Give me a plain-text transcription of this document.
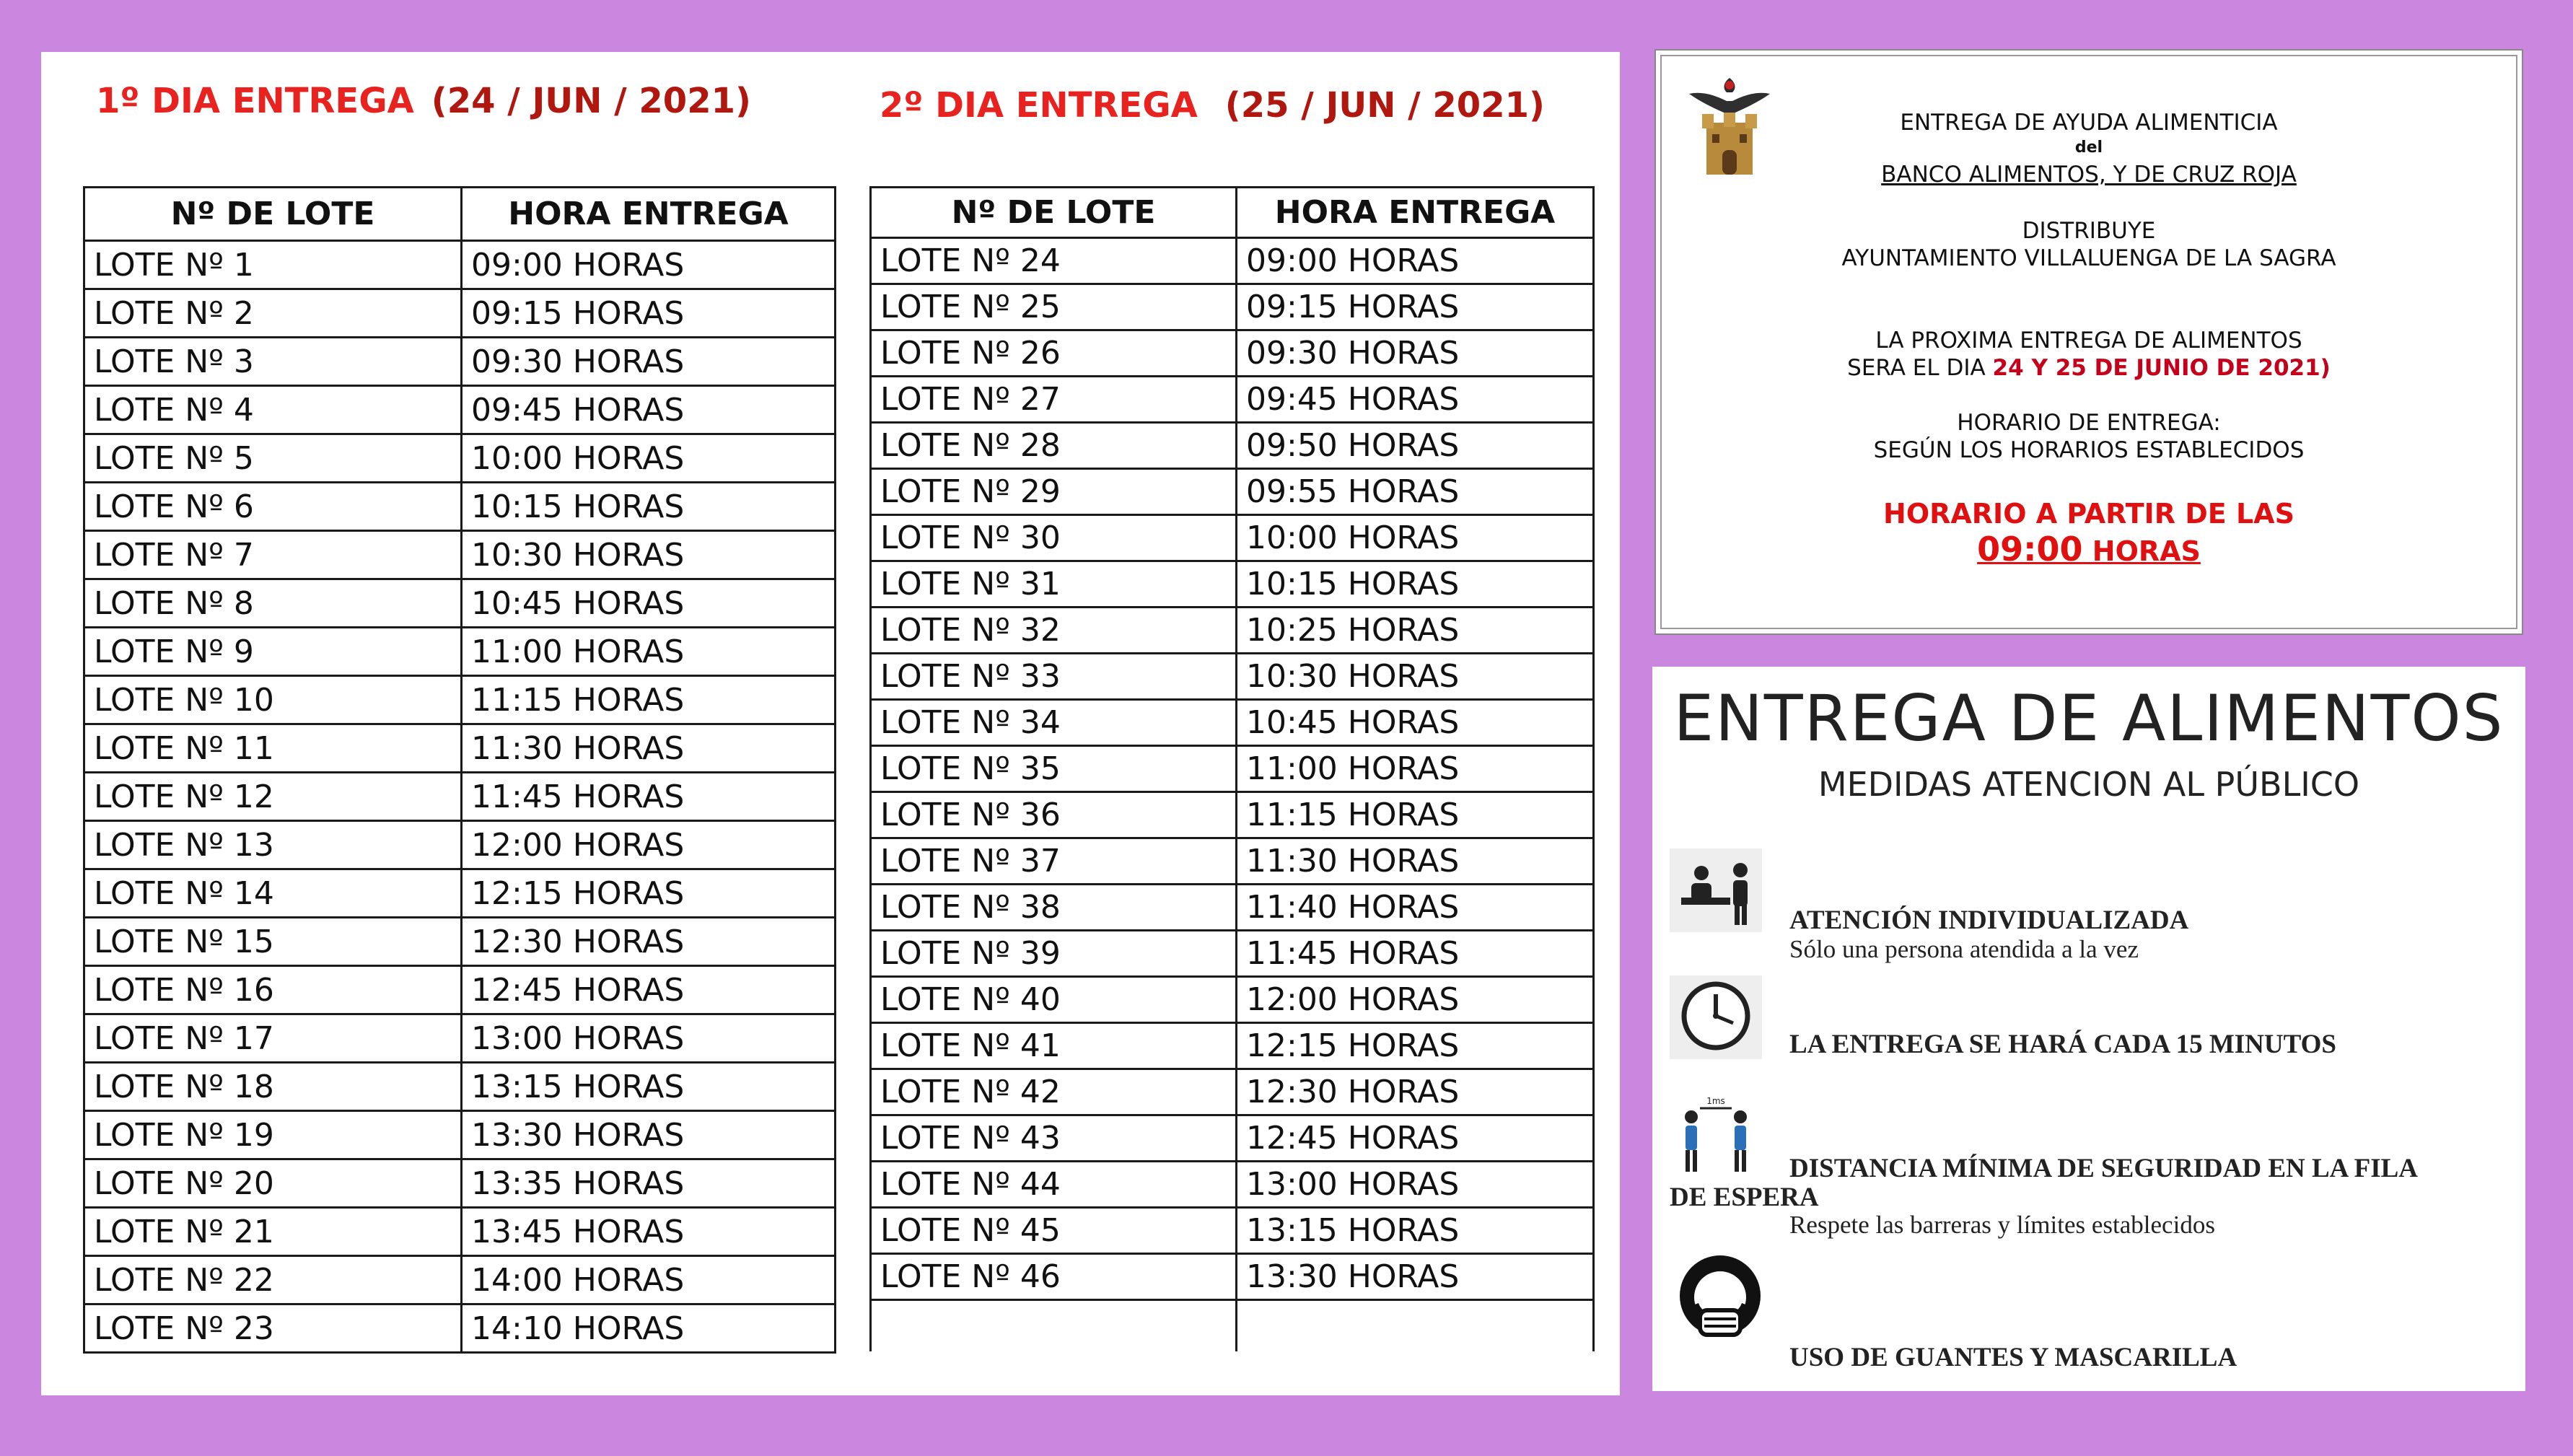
1º DIA ENTREGA (24 / JUN / 2021)	2º DIA ENTREGA (25 / JUN / 2021)
Nº DE LOTE	HORA ENTREGA
LOTE Nº 1	09:00 HORAS
LOTE Nº 2	09:15 HORAS
LOTE Nº 3	09:30 HORAS
LOTE Nº 4	09:45 HORAS
LOTE Nº 5	10:00 HORAS
LOTE Nº 6	10:15 HORAS
LOTE Nº 7	10:30 HORAS
LOTE Nº 8	10:45 HORAS
LOTE Nº 9	11:00 HORAS
LOTE Nº 10	11:15 HORAS
LOTE Nº 11	11:30 HORAS
LOTE Nº 12	11:45 HORAS
LOTE Nº 13	12:00 HORAS
LOTE Nº 14	12:15 HORAS
LOTE Nº 15	12:30 HORAS
LOTE Nº 16	12:45 HORAS
LOTE Nº 17	13:00 HORAS
LOTE Nº 18	13:15 HORAS
LOTE Nº 19	13:30 HORAS
LOTE Nº 20	13:35 HORAS
LOTE Nº 21	13:45 HORAS
LOTE Nº 22	14:00 HORAS
LOTE Nº 23	14:10 HORAS
Nº DE LOTE	HORA ENTREGA
LOTE Nº 24	09:00 HORAS
LOTE Nº 25	09:15 HORAS
LOTE Nº 26	09:30 HORAS
LOTE Nº 27	09:45 HORAS
LOTE Nº 28	09:50 HORAS
LOTE Nº 29	09:55 HORAS
LOTE Nº 30	10:00 HORAS
LOTE Nº 31	10:15 HORAS
LOTE Nº 32	10:25 HORAS
LOTE Nº 33	10:30 HORAS
LOTE Nº 34	10:45 HORAS
LOTE Nº 35	11:00 HORAS
LOTE Nº 36	11:15 HORAS
LOTE Nº 37	11:30 HORAS
LOTE Nº 38	11:40 HORAS
LOTE Nº 39	11:45 HORAS
LOTE Nº 40	12:00 HORAS
LOTE Nº 41	12:15 HORAS
LOTE Nº 42	12:30 HORAS
LOTE Nº 43	12:45 HORAS
LOTE Nº 44	13:00 HORAS
LOTE Nº 45	13:15 HORAS
LOTE Nº 46	13:30 HORAS

ENTREGA DE AYUDA ALIMENTICIA
del
BANCO ALIMENTOS, Y DE CRUZ ROJA
DISTRIBUYE
AYUNTAMIENTO VILLALUENGA DE LA SAGRA
LA PROXIMA ENTREGA DE ALIMENTOS
SERA EL DIA 24 Y 25 DE JUNIO DE 2021)
HORARIO DE ENTREGA:
SEGÚN LOS HORARIOS ESTABLECIDOS
HORARIO A PARTIR DE LAS
09:00 HORAS
ENTREGA DE ALIMENTOS
MEDIDAS ATENCION AL PÚBLICO
ATENCIÓN INDIVIDUALIZADA
Sólo una persona atendida a la vez
LA ENTREGA SE HARÁ CADA 15 MINUTOS
1ms
DISTANCIA MÍNIMA DE SEGURIDAD EN LA FILA
DE ESPERA
Respete las barreras y límites establecidos
USO DE GUANTES Y MASCARILLA
